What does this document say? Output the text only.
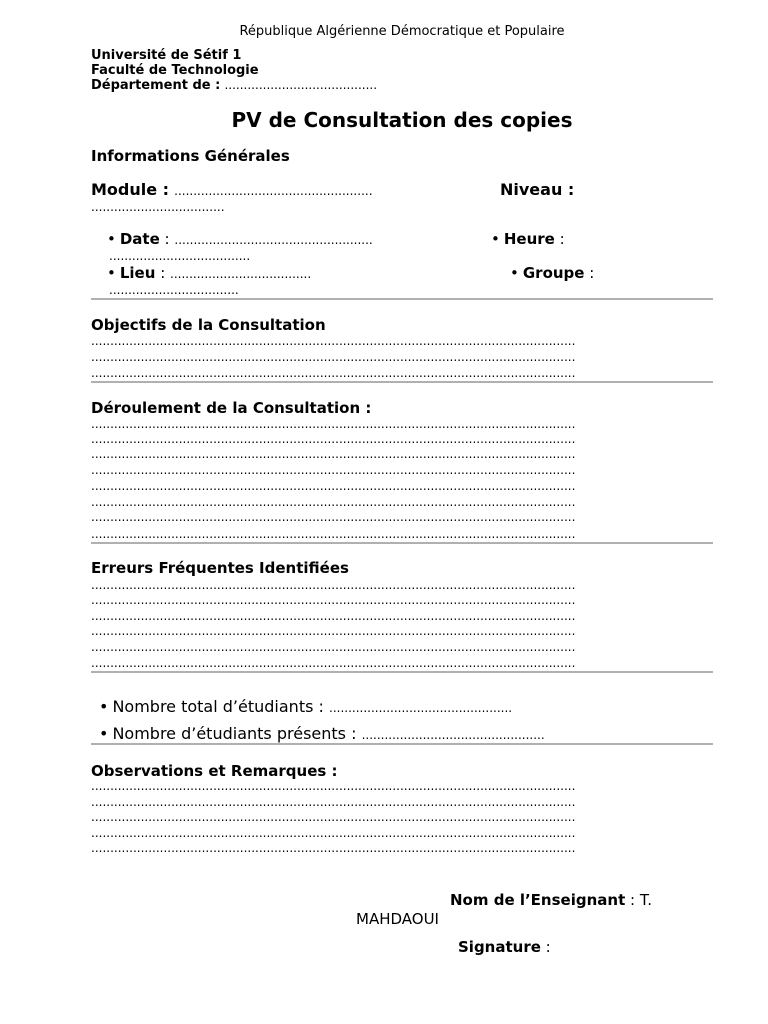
République Algérienne Démocratique et Populaire
Université de Sétif 1
Faculté de Technologie
Département de : ........................................
PV de Consultation des copies
Informations Générales
Module : ....................................................	Niveau :
...................................
• Date : ....................................................	• Heure :
.....................................
• Lieu : .....................................	• Groupe :
..................................
Objectifs de la Consultation
...............................................................................................................................
...............................................................................................................................
...............................................................................................................................
Déroulement de la Consultation :
...............................................................................................................................
...............................................................................................................................
...............................................................................................................................
...............................................................................................................................
...............................................................................................................................
...............................................................................................................................
...............................................................................................................................
...............................................................................................................................
Erreurs Fréquentes Identifiées
...............................................................................................................................
...............................................................................................................................
...............................................................................................................................
...............................................................................................................................
...............................................................................................................................
...............................................................................................................................
• Nombre total d’étudiants : ................................................
• Nombre d’étudiants présents : ................................................
Observations et Remarques :
...............................................................................................................................
...............................................................................................................................
...............................................................................................................................
...............................................................................................................................
...............................................................................................................................
Nom de l’Enseignant : T.
MAHDAOUI
Signature :
